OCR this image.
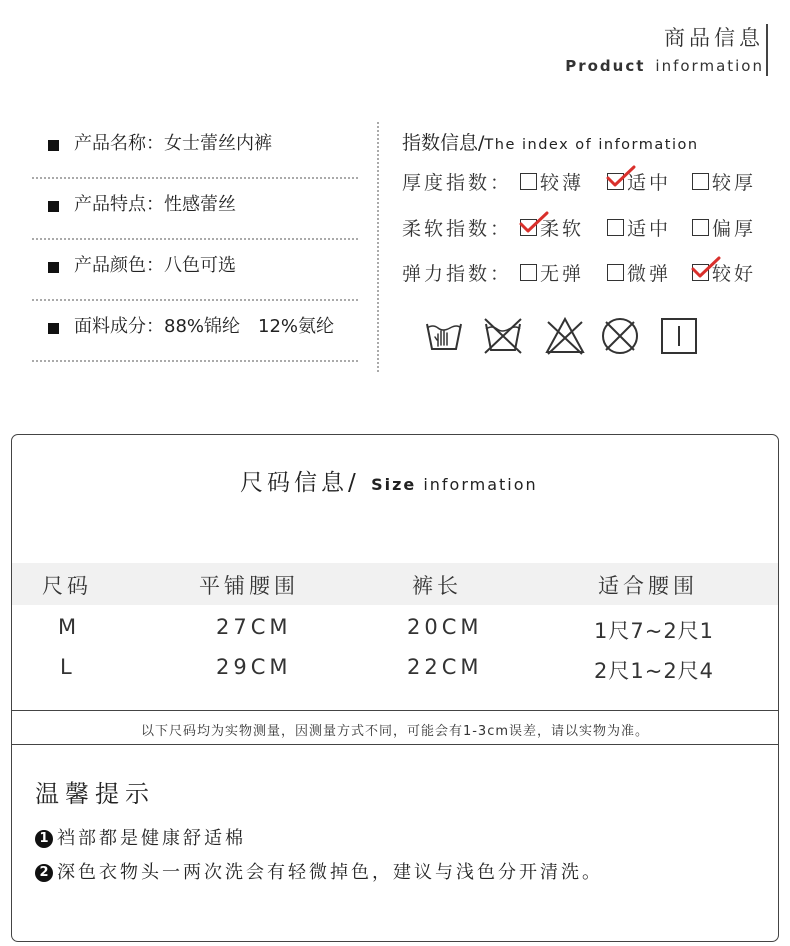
商品信息
Product information
产品名称：女士蕾丝内裤
产品特点：性感蕾丝
产品颜色：八色可选
面料成分：88%锦纶　12%氨纶
指数信息/The index of information
厚度指数：	较薄	适中	较厚
柔软指数：	柔软	适中	偏厚
弹力指数：	无弹	微弹	较好
尺码信息/ Size information
尺码	平铺腰围	裤长	适合腰围
M	27CM	20CM	1尺7~2尺1
L	29CM	22CM	2尺1~2尺4
以下尺码均为实物测量，因测量方式不同，可能会有1-3cm误差，请以实物为准。
温馨提示
1 裆部都是健康舒适棉
2 深色衣物头一两次洗会有轻微掉色，建议与浅色分开清洗。
